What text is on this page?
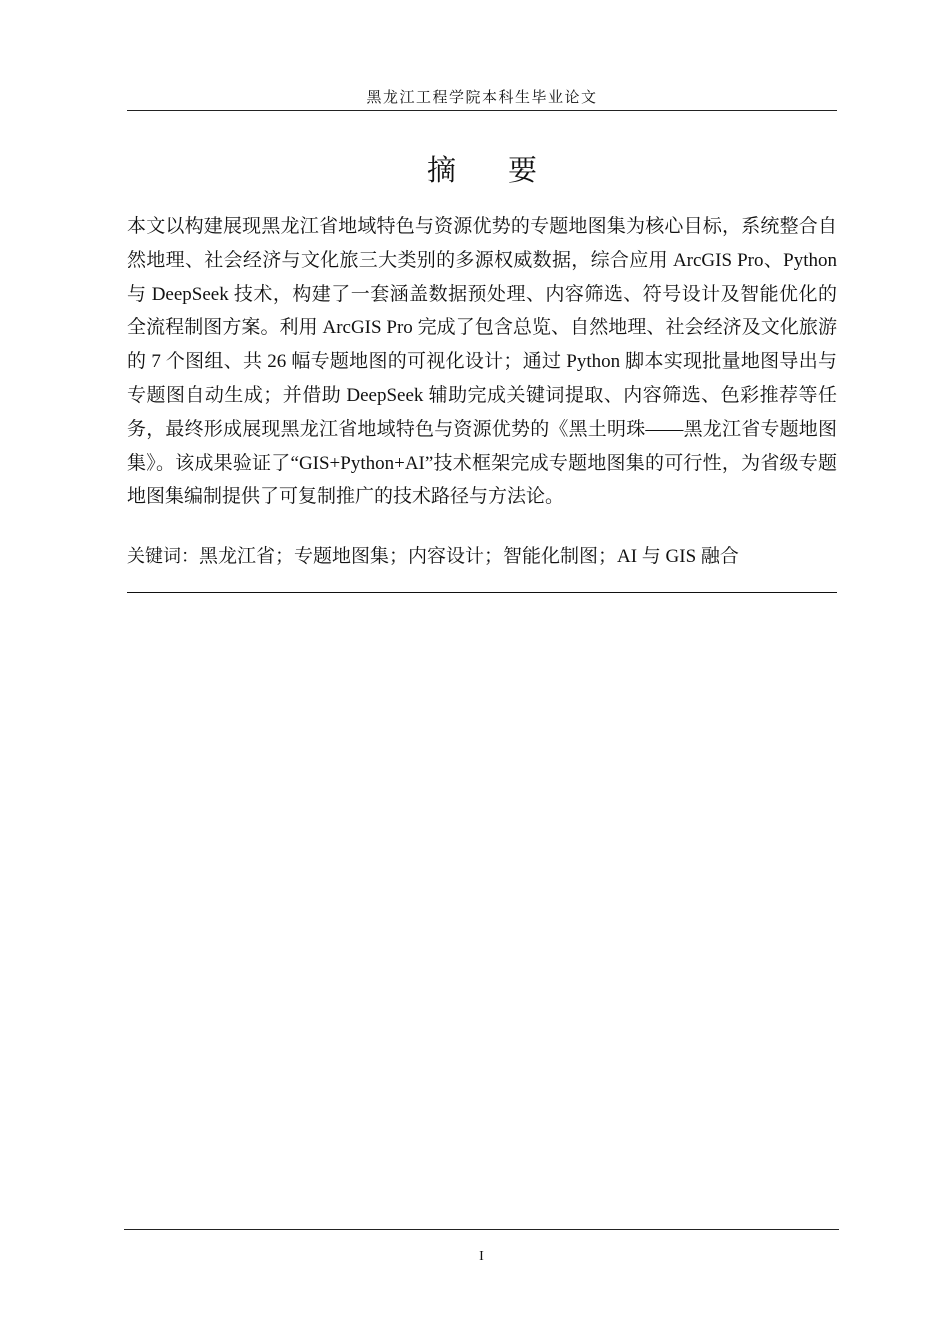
黑龙江工程学院本科生毕业论文
摘 要

本文以构建展现黑龙江省地域特色与资源优势的专题地图集为核心目标，系统整合自然地理、社会经济与文化旅三大类别的多源权威数据，综合应用 ArcGIS Pro、Python 与 DeepSeek 技术，构建了一套涵盖数据预处理、内容筛选、符号设计及智能优化的全流程制图方案。利用 ArcGIS Pro 完成了包含总览、自然地理、社会经济及文化旅游的 7 个图组、共 26 幅专题地图的可视化设计；通过 Python 脚本实现批量地图导出与专题图自动生成；并借助 DeepSeek 辅助完成关键词提取、内容筛选、色彩推荐等任务，最终形成展现黑龙江省地域特色与资源优势的《黑土明珠——黑龙江省专题地图集》。该成果验证了“GIS+Python+AI”技术框架完成专题地图集的可行性，为省级专题地图集编制提供了可复制推广的技术路径与方法论。

关键词：黑龙江省；专题地图集；内容设计；智能化制图；AI 与 GIS 融合

I
